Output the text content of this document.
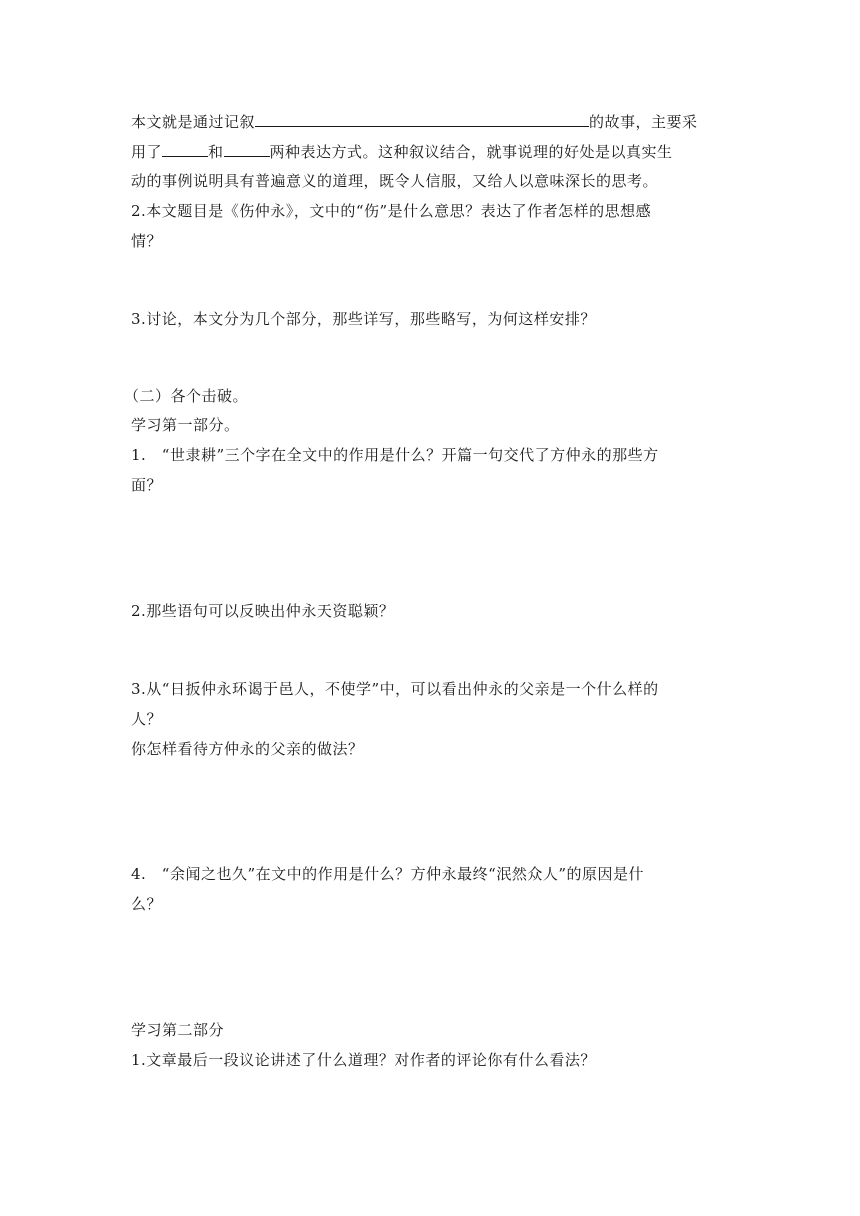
本文就是通过记叙	的故事，主要采
用了	和	两种表达方式。这种叙议结合，就事说理的好处是以真实生
动的事例说明具有普遍意义的道理，既令人信服，又给人以意味深长的思考。
2.本文题目是《伤仲永》，文中的“伤”是什么意思？表达了作者怎样的思想感
情？
3.讨论，本文分为几个部分，那些详写，那些略写，为何这样安排？
（二）各个击破。
学习第一部分。
1.　“世隶耕”三个字在全文中的作用是什么？开篇一句交代了方仲永的那些方
面？
2.那些语句可以反映出仲永天资聪颖？
3.从“日扳仲永环谒于邑人，不使学”中，可以看出仲永的父亲是一个什么样的
人？
你怎样看待方仲永的父亲的做法？
4.　“余闻之也久”在文中的作用是什么？方仲永最终“泯然众人”的原因是什
么？
学习第二部分
1.文章最后一段议论讲述了什么道理？对作者的评论你有什么看法？
